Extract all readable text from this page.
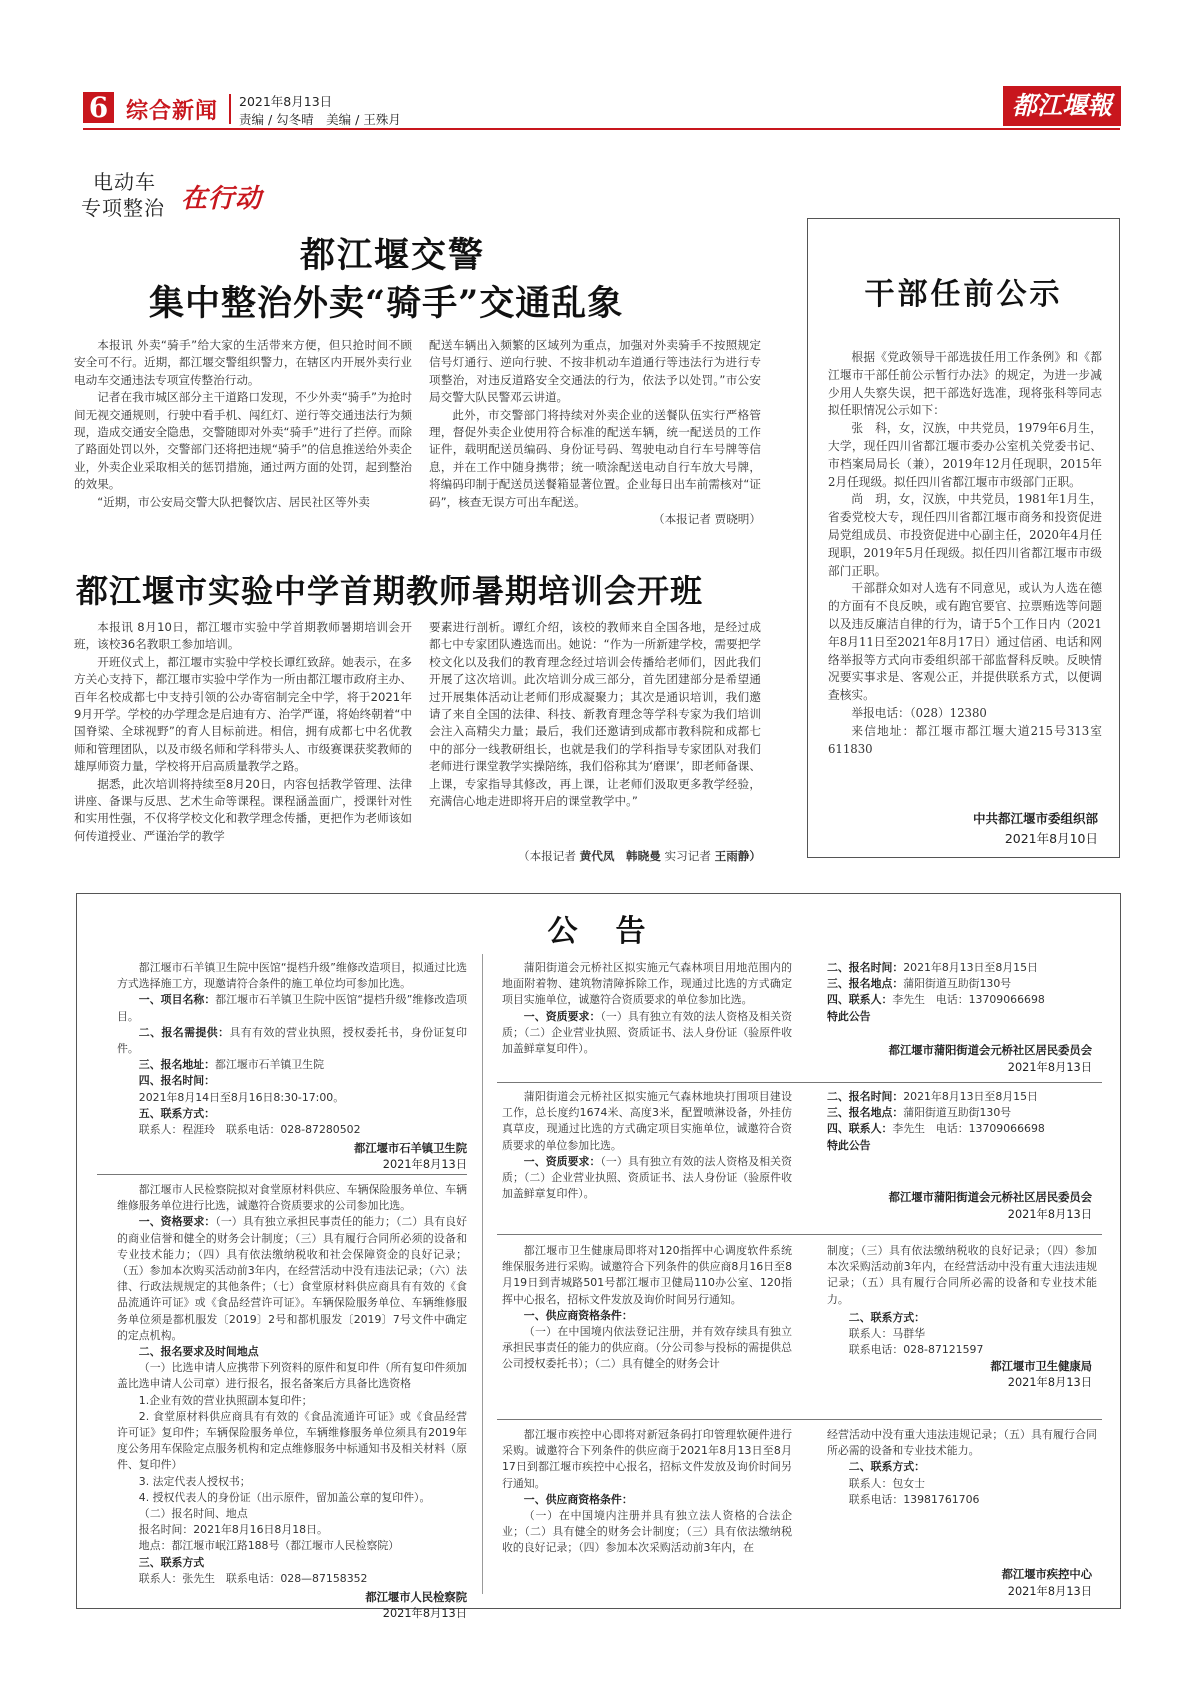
6 综合新闻 2021年8月13日
责编 / 勾冬晴　美编 / 王殊月	都江堰報
电动车
专项整治 在行动
都江堰交警
集中整治外卖“骑手”交通乱象

本报讯 外卖“骑手”给大家的生活带来方便，但只抢时间不顾安全可不行。近期，都江堰交警组织警力，在辖区内开展外卖行业电动车交通违法专项宣传整治行动。

记者在我市城区部分主干道路口发现，不少外卖“骑手”为抢时间无视交通规则，行驶中看手机、闯红灯、逆行等交通违法行为频现，造成交通安全隐患，交警随即对外卖“骑手”进行了拦停。而除了路面处罚以外，交警部门还将把违规“骑手”的信息推送给外卖企业，外卖企业采取相关的惩罚措施，通过两方面的处罚，起到整治的效果。

“近期，市公安局交警大队把餐饮店、居民社区等外卖

配送车辆出入频繁的区域列为重点，加强对外卖骑手不按照规定信号灯通行、逆向行驶、不按非机动车道通行等违法行为进行专项整治，对违反道路安全交通法的行为，依法予以处罚。”市公安局交警大队民警邓云讲道。

此外，市交警部门将持续对外卖企业的送餐队伍实行严格管理，督促外卖企业使用符合标准的配送车辆，统一配送员的工作证件，载明配送员编码、身份证号码、驾驶电动自行车号牌等信息，并在工作中随身携带；统一喷涂配送电动自行车放大号牌，将编码印制于配送员送餐箱显著位置。企业每日出车前需核对“证码”，核查无误方可出车配送。

（本报记者 贾晓明）

都江堰市实验中学首期教师暑期培训会开班

本报讯 8月10日，都江堰市实验中学首期教师暑期培训会开班，该校36名教职工参加培训。

开班仪式上，都江堰市实验中学校长谭红致辞。她表示，在多方关心支持下，都江堰市实验中学作为一所由都江堰市政府主办、百年名校成都七中支持引领的公办寄宿制完全中学，将于2021年9月开学。学校的办学理念是启迪有方、治学严谨，将始终朝着“中国脊梁、全球视野”的育人目标前进。相信，拥有成都七中名优教师和管理团队，以及市级名师和学科带头人、市级赛课获奖教师的雄厚师资力量，学校将开启高质量教学之路。

据悉，此次培训将持续至8月20日，内容包括教学管理、法律讲座、备课与反思、艺术生命等课程。课程涵盖面广，授课针对性和实用性强，不仅将学校文化和教学理念传播，更把作为老师该如何传道授业、严谨治学的教学

要素进行剖析。谭红介绍，该校的教师来自全国各地，是经过成都七中专家团队遴选而出。她说：“作为一所新建学校，需要把学校文化以及我们的教育理念经过培训会传播给老师们，因此我们开展了这次培训。此次培训分成三部分，首先团建部分是希望通过开展集体活动让老师们形成凝聚力；其次是通识培训，我们邀请了来自全国的法律、科技、新教育理念等学科专家为我们培训会注入高精尖力量；最后，我们还邀请到成都市教科院和成都七中的部分一线教研组长，也就是我们的学科指导专家团队对我们老师进行课堂教学实操陪练，我们俗称其为‘磨课’，即老师备课、上课，专家指导其修改，再上课，让老师们汲取更多教学经验，充满信心地走进即将开启的课堂教学中。”

（本报记者 黄代凤　韩晓曼 实习记者 王雨静）
干部任前公示

根据《党政领导干部选拔任用工作条例》和《都江堰市干部任前公示暂行办法》的规定，为进一步减少用人失察失误，把干部选好选准，现将张科等同志拟任职情况公示如下：

张　科，女，汉族，中共党员，1979年6月生，大学，现任四川省都江堰市委办公室机关党委书记、市档案局局长（兼），2019年12月任现职，2015年2月任现级。拟任四川省都江堰市市级部门正职。

尚　玥，女，汉族，中共党员，1981年1月生，省委党校大专，现任四川省都江堰市商务和投资促进局党组成员、市投资促进中心副主任，2020年4月任现职，2019年5月任现级。拟任四川省都江堰市市级部门正职。

干部群众如对人选有不同意见，或认为人选在德的方面有不良反映，或有跑官要官、拉票贿选等问题以及违反廉洁自律的行为，请于5个工作日内（2021年8月11日至2021年8月17日）通过信函、电话和网络举报等方式向市委组织部干部监督科反映。反映情况要实事求是、客观公正，并提供联系方式，以便调查核实。

举报电话：（028）12380

来信地址：都江堰市都江堰大道215号313室　611830

中共都江堰市委组织部
2021年8月10日
公　告

都江堰市石羊镇卫生院中医馆“提档升级”维修改造项目，拟通过比选方式选择施工方，现邀请符合条件的施工单位均可参加比选。

一、项目名称：都江堰市石羊镇卫生院中医馆“提档升级”维修改造项目。

二、报名需提供：具有有效的营业执照，授权委托书，身份证复印件。

三、报名地址：都江堰市石羊镇卫生院

四、报名时间：

2021年8月14日至8月16日8:30-17:00。

五、联系方式：

联系人：程涯玲　联系电话：028-87280502

都江堰市石羊镇卫生院
2021年8月13日

都江堰市人民检察院拟对食堂原材料供应、车辆保险服务单位、车辆维修服务单位进行比选，诚邀符合资质要求的公司参加比选。

一、资格要求：（一）具有独立承担民事责任的能力；（二）具有良好的商业信誉和健全的财务会计制度；（三）具有履行合同所必须的设备和专业技术能力；（四）具有依法缴纳税收和社会保障资金的良好记录；（五）参加本次购买活动前3年内，在经营活动中没有违法记录；（六）法律、行政法规规定的其他条件；（七）食堂原材料供应商具有有效的《食品流通许可证》或《食品经营许可证》。车辆保险服务单位、车辆维修服务单位须是都机服发〔2019〕2号和都机服发〔2019〕7号文件中确定的定点机构。

二、报名要求及时间地点

（一）比选申请人应携带下列资料的原件和复印件（所有复印件须加盖比选申请人公司章）进行报名，报名备案后方具备比选资格

1.企业有效的营业执照副本复印件；

2. 食堂原材料供应商具有有效的《食品流通许可证》或《食品经营许可证》复印件；车辆保险服务单位，车辆维修服务单位须具有2019年度公务用车保险定点服务机构和定点维修服务中标通知书及相关材料（原件、复印件）

3. 法定代表人授权书；

4. 授权代表人的身份证（出示原件，留加盖公章的复印件）。

（二）报名时间、地点

报名时间：2021年8月16日8月18日。

地点：都江堰市岷江路188号（都江堰市人民检察院）

三、联系方式

联系人：张先生　联系电话：028—87158352

都江堰市人民检察院
2021年8月13日

蒲阳街道会元桥社区拟实施元气森林项目用地范围内的地面附着物、建筑物清障拆除工作，现通过比选的方式确定项目实施单位，诚邀符合资质要求的单位参加比选。

一、资质要求：（一）具有独立有效的法人资格及相关资质；（二）企业营业执照、资质证书、法人身份证（验原件收加盖鲜章复印件）。

二、报名时间：2021年8月13日至8月15日

三、报名地点：蒲阳街道互助街130号

四、联系人：李先生　电话：13709066698

特此公告

都江堰市蒲阳街道会元桥社区居民委员会
2021年8月13日

蒲阳街道会元桥社区拟实施元气森林地块打围项目建设工作，总长度约1674米、高度3米，配置喷淋设备，外挂仿真草皮，现通过比选的方式确定项目实施单位，诚邀符合资质要求的单位参加比选。

一、资质要求：（一）具有独立有效的法人资格及相关资质；（二）企业营业执照、资质证书、法人身份证（验原件收加盖鲜章复印件）。

二、报名时间：2021年8月13日至8月15日

三、报名地点：蒲阳街道互助街130号

四、联系人：李先生　电话：13709066698

特此公告

都江堰市蒲阳街道会元桥社区居民委员会
2021年8月13日

都江堰市卫生健康局即将对120指挥中心调度软件系统维保服务进行采购。诚邀符合下列条件的供应商8月16日至8月19日到青城路501号都江堰市卫健局110办公室、120指挥中心报名，招标文件发放及询价时间另行通知。

一、供应商资格条件：

（一）在中国境内依法登记注册，并有效存续具有独立承担民事责任的能力的供应商。（分公司参与投标的需提供总公司授权委托书）；（二）具有健全的财务会计

制度；（三）具有依法缴纳税收的良好记录；（四）参加本次采购活动前3年内，在经营活动中没有重大违法违规记录；（五）具有履行合同所必需的设备和专业技术能力。

二、联系方式：

联系人：马群华

联系电话：028-87121597

都江堰市卫生健康局
2021年8月13日

都江堰市疾控中心即将对新冠条码打印管理软硬件进行采购。诚邀符合下列条件的供应商于2021年8月13日至8月17日到都江堰市疾控中心报名，招标文件发放及询价时间另行通知。

一、供应商资格条件：

（一）在中国境内注册并具有独立法人资格的合法企业；（二）具有健全的财务会计制度；（三）具有依法缴纳税收的良好记录；（四）参加本次采购活动前3年内，在

经营活动中没有重大违法违规记录；（五）具有履行合同所必需的设备和专业技术能力。

二、联系方式：

联系人：包女士

联系电话：13981761706

都江堰市疾控中心
2021年8月13日
